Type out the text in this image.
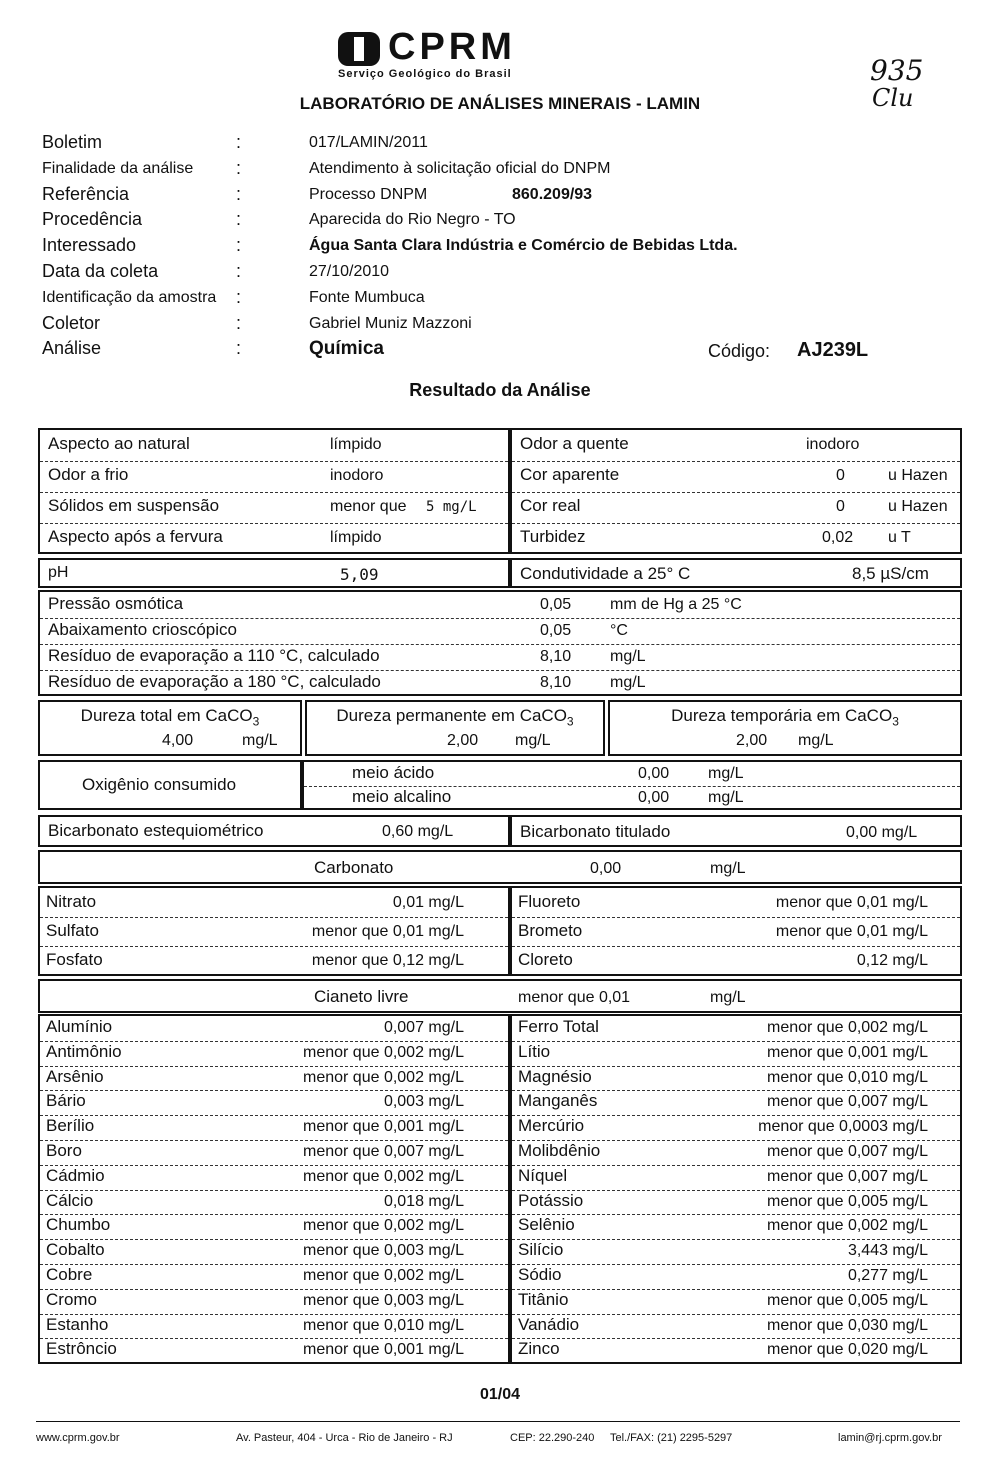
CPRM
Serviço Geológico do Brasil
LABORATÓRIO DE ANÁLISES MINERAIS - LAMIN
935
Clu
Boletim	:	017/LAMIN/2011
Finalidade da análise :	Atendimento à solicitação oficial do DNPM
Referência	:	Processo DNPM	860.209/93
Procedência	:	Aparecida do Rio Negro - TO
Interessado	:	Água Santa Clara Indústria e Comércio de Bebidas Ltda.
Data da coleta	:	27/10/2010
Identificação da amostra :	Fonte Mumbuca
Coletor	:	Gabriel Muniz Mazzoni
Análise	:	Química	Código: AJ239L
Resultado da Análise
Aspecto ao natural	límpido
Odor a frio	inodoro
Sólidos em suspensão	menor que 5 mg/L
Aspecto após a fervura	límpido
Odor a quente	inodoro
Cor aparente	0	u Hazen
Cor real	0	u Hazen
Turbidez	0,02 u T
pH	5,09	Condutividade a 25° C	8,5 µS/cm
Pressão osmótica	0,05 mm de Hg a 25 °C
Abaixamento crioscópico	0,05 °C
Resíduo de evaporação a 110 °C, calculado	8,10 mg/L
Resíduo de evaporação a 180 °C, calculado	8,10 mg/L
Dureza total em CaCO$_3$
4,00	mg/L
Dureza permanente em CaCO$_3$
2,00 mg/L
Dureza temporária em CaCO$_3$
2,00 mg/L
Oxigênio consumido
meio ácido	0,00 mg/L
meio alcalino	0,00 mg/L
Bicarbonato estequiométrico	0,60 mg/L	Bicarbonato titulado	0,00 mg/L
Carbonato	0,00	mg/L
Nitrato	0,01 mg/L
Sulfato	menor que 0,01 mg/L
Fosfato	menor que 0,12 mg/L
Fluoreto	menor que 0,01 mg/L
Brometo	menor que 0,01 mg/L
Cloreto	0,12 mg/L
Cianeto livre	menor que 0,01	mg/L
Alumínio	0,007 mg/L
Antimônio	menor que 0,002 mg/L
Arsênio	menor que 0,002 mg/L
Bário	0,003 mg/L
Berílio	menor que 0,001 mg/L
Boro	menor que 0,007 mg/L
Cádmio	menor que 0,002 mg/L
Cálcio	0,018 mg/L
Chumbo	menor que 0,002 mg/L
Cobalto	menor que 0,003 mg/L
Cobre	menor que 0,002 mg/L
Cromo	menor que 0,003 mg/L
Estanho	menor que 0,010 mg/L
Estrôncio	menor que 0,001 mg/L
Ferro Total	menor que 0,002 mg/L
Lítio	menor que 0,001 mg/L
Magnésio	menor que 0,010 mg/L
Manganês	menor que 0,007 mg/L
Mercúrio	menor que 0,0003 mg/L
Molibdênio	menor que 0,007 mg/L
Níquel	menor que 0,007 mg/L
Potássio	menor que 0,005 mg/L
Selênio	menor que 0,002 mg/L
Silício	3,443 mg/L
Sódio	0,277 mg/L
Titânio	menor que 0,005 mg/L
Vanádio	menor que 0,030 mg/L
Zinco	menor que 0,020 mg/L
01/04
www.cprm.gov.br	Av. Pasteur, 404 - Urca - Rio de Janeiro - RJ	CEP: 22.290-240 Tel./FAX: (21) 2295-5297	lamin@rj.cprm.gov.br
